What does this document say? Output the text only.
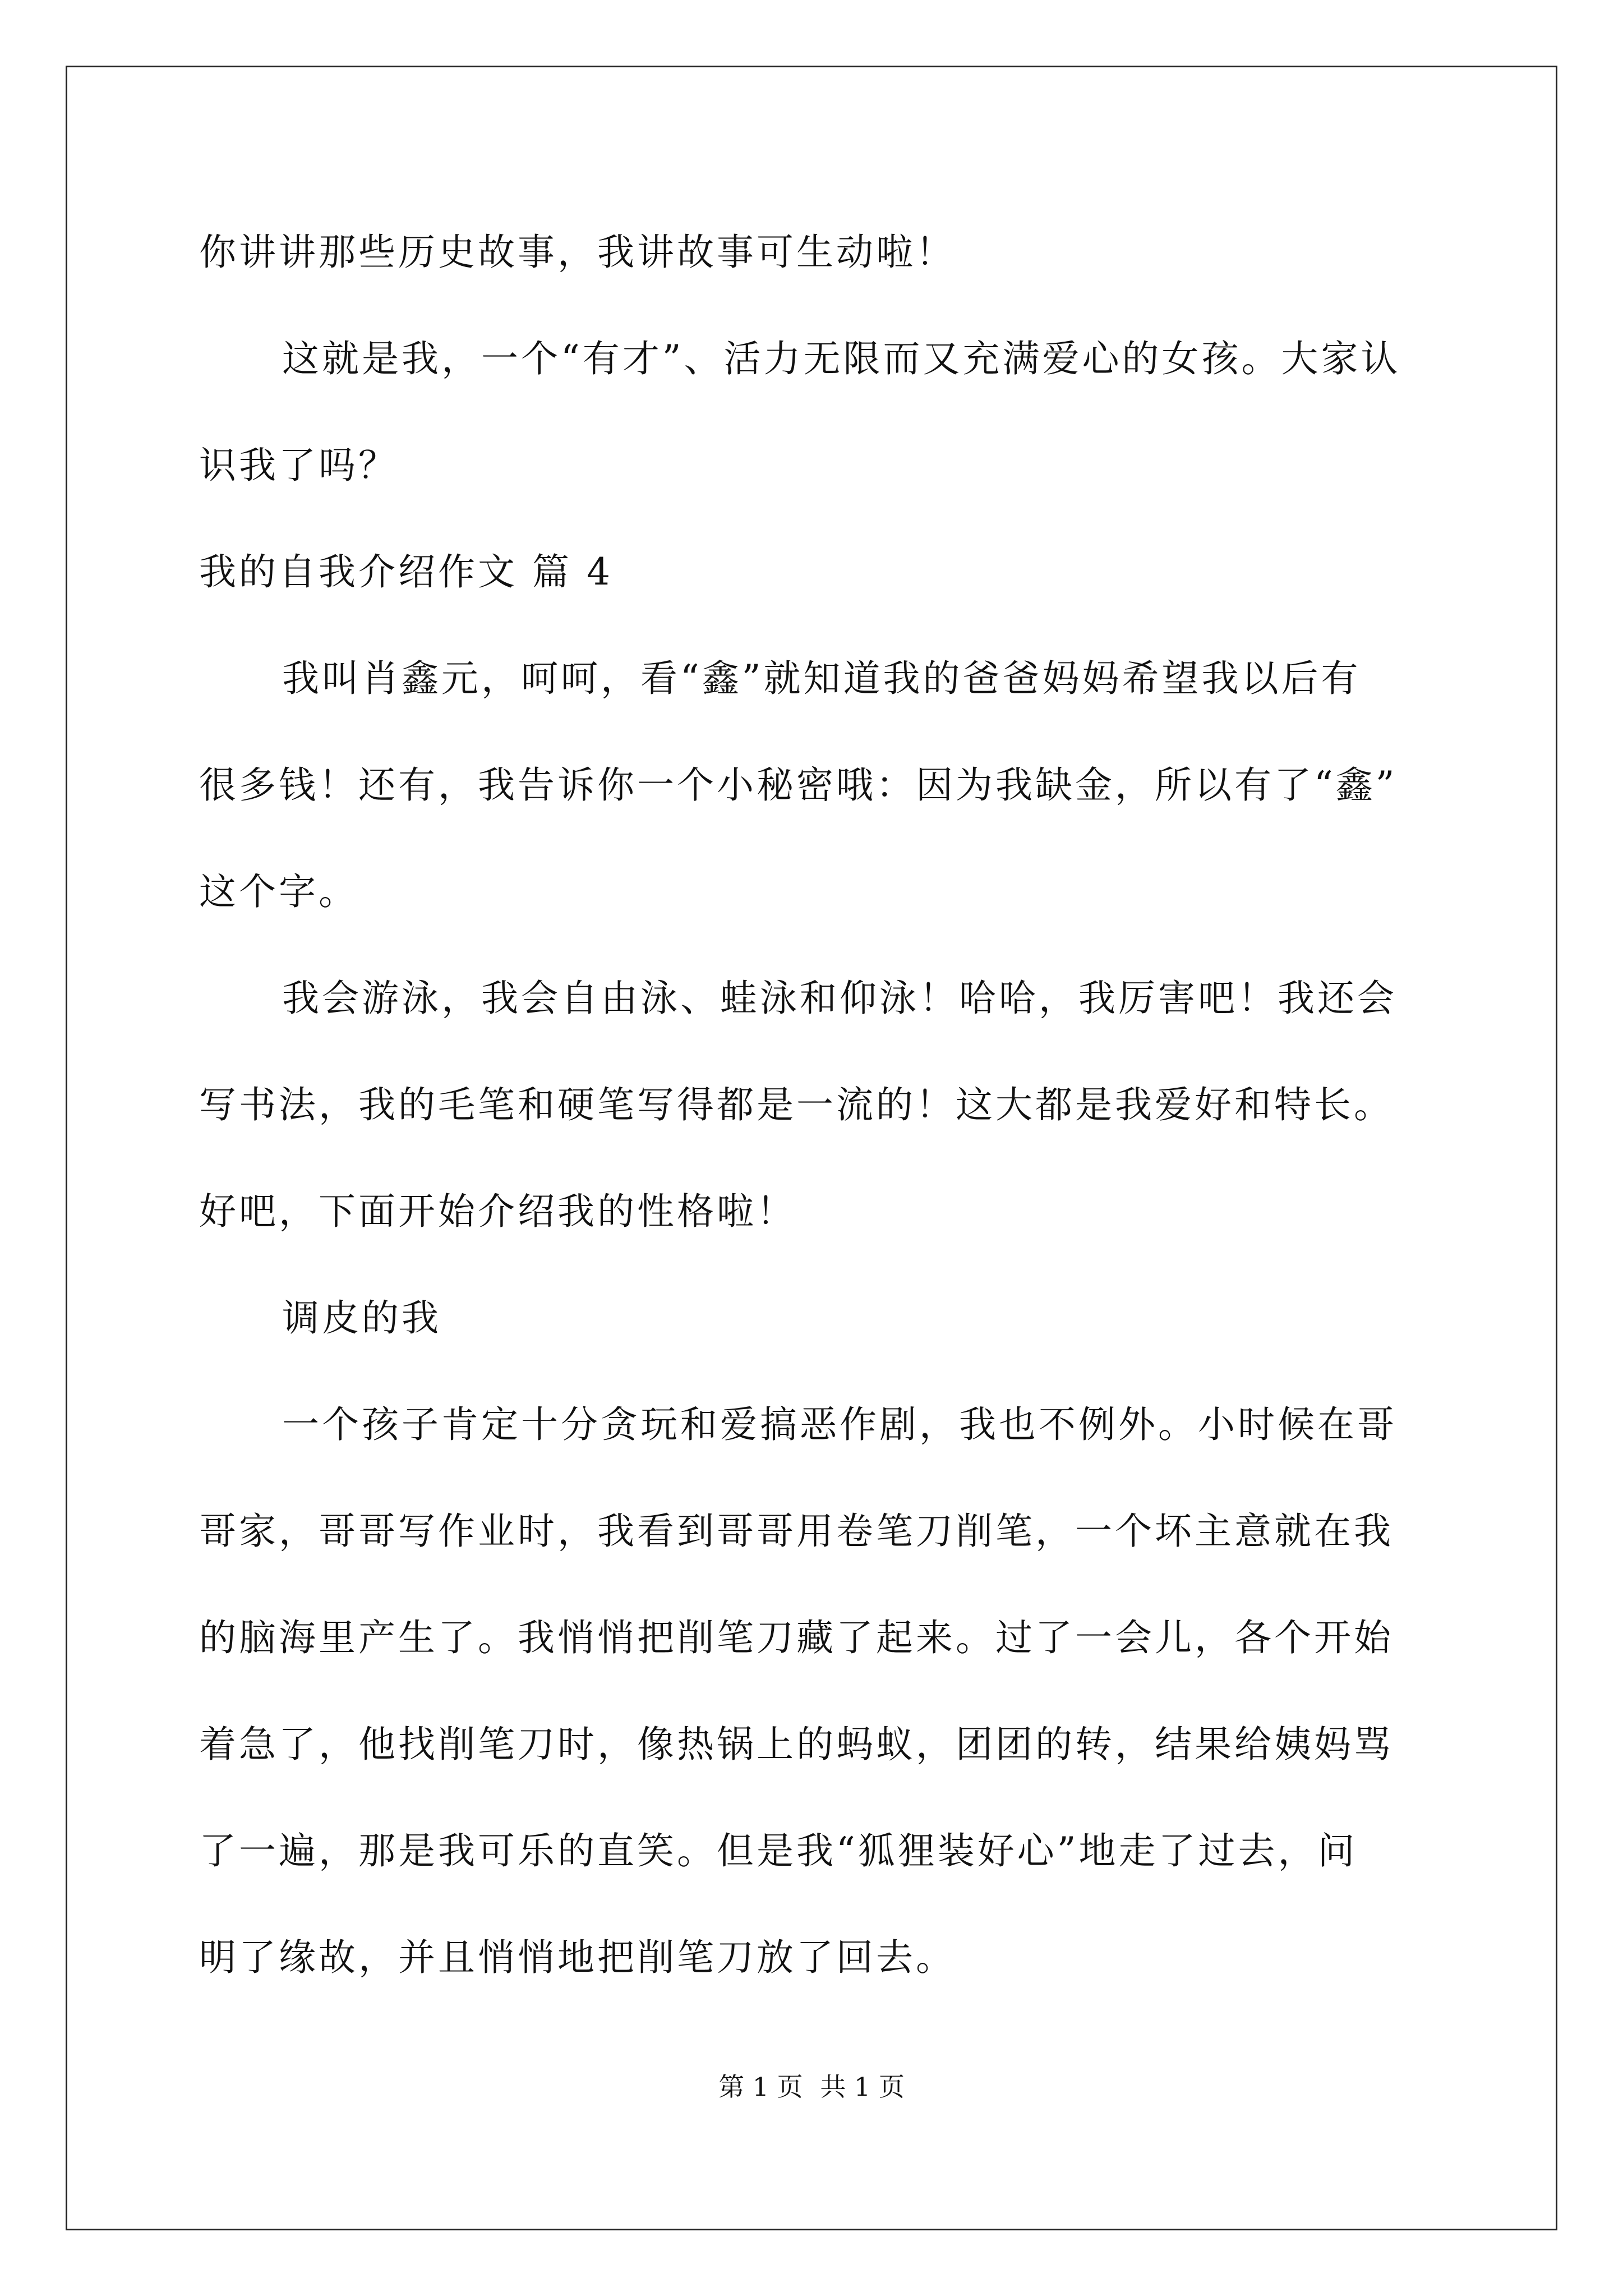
你讲讲那些历史故事，我讲故事可生动啦！
这就是我，一个“有才”、活力无限而又充满爱心的女孩。大家认
识我了吗？
我的自我介绍作文 篇 4
我叫肖鑫元，呵呵，看“鑫”就知道我的爸爸妈妈希望我以后有
很多钱！还有，我告诉你一个小秘密哦：因为我缺金，所以有了“鑫”
这个字。
我会游泳，我会自由泳、蛙泳和仰泳！哈哈，我厉害吧！我还会
写书法，我的毛笔和硬笔写得都是一流的！这大都是我爱好和特长。
好吧，下面开始介绍我的性格啦！
调皮的我
一个孩子肯定十分贪玩和爱搞恶作剧，我也不例外。小时候在哥
哥家，哥哥写作业时，我看到哥哥用卷笔刀削笔，一个坏主意就在我
的脑海里产生了。我悄悄把削笔刀藏了起来。过了一会儿，各个开始
着急了，他找削笔刀时，像热锅上的蚂蚁，团团的转，结果给姨妈骂
了一遍，那是我可乐的直笑。但是我“狐狸装好心”地走了过去，问
明了缘故，并且悄悄地把削笔刀放了回去。
第 1 页 共 1 页
